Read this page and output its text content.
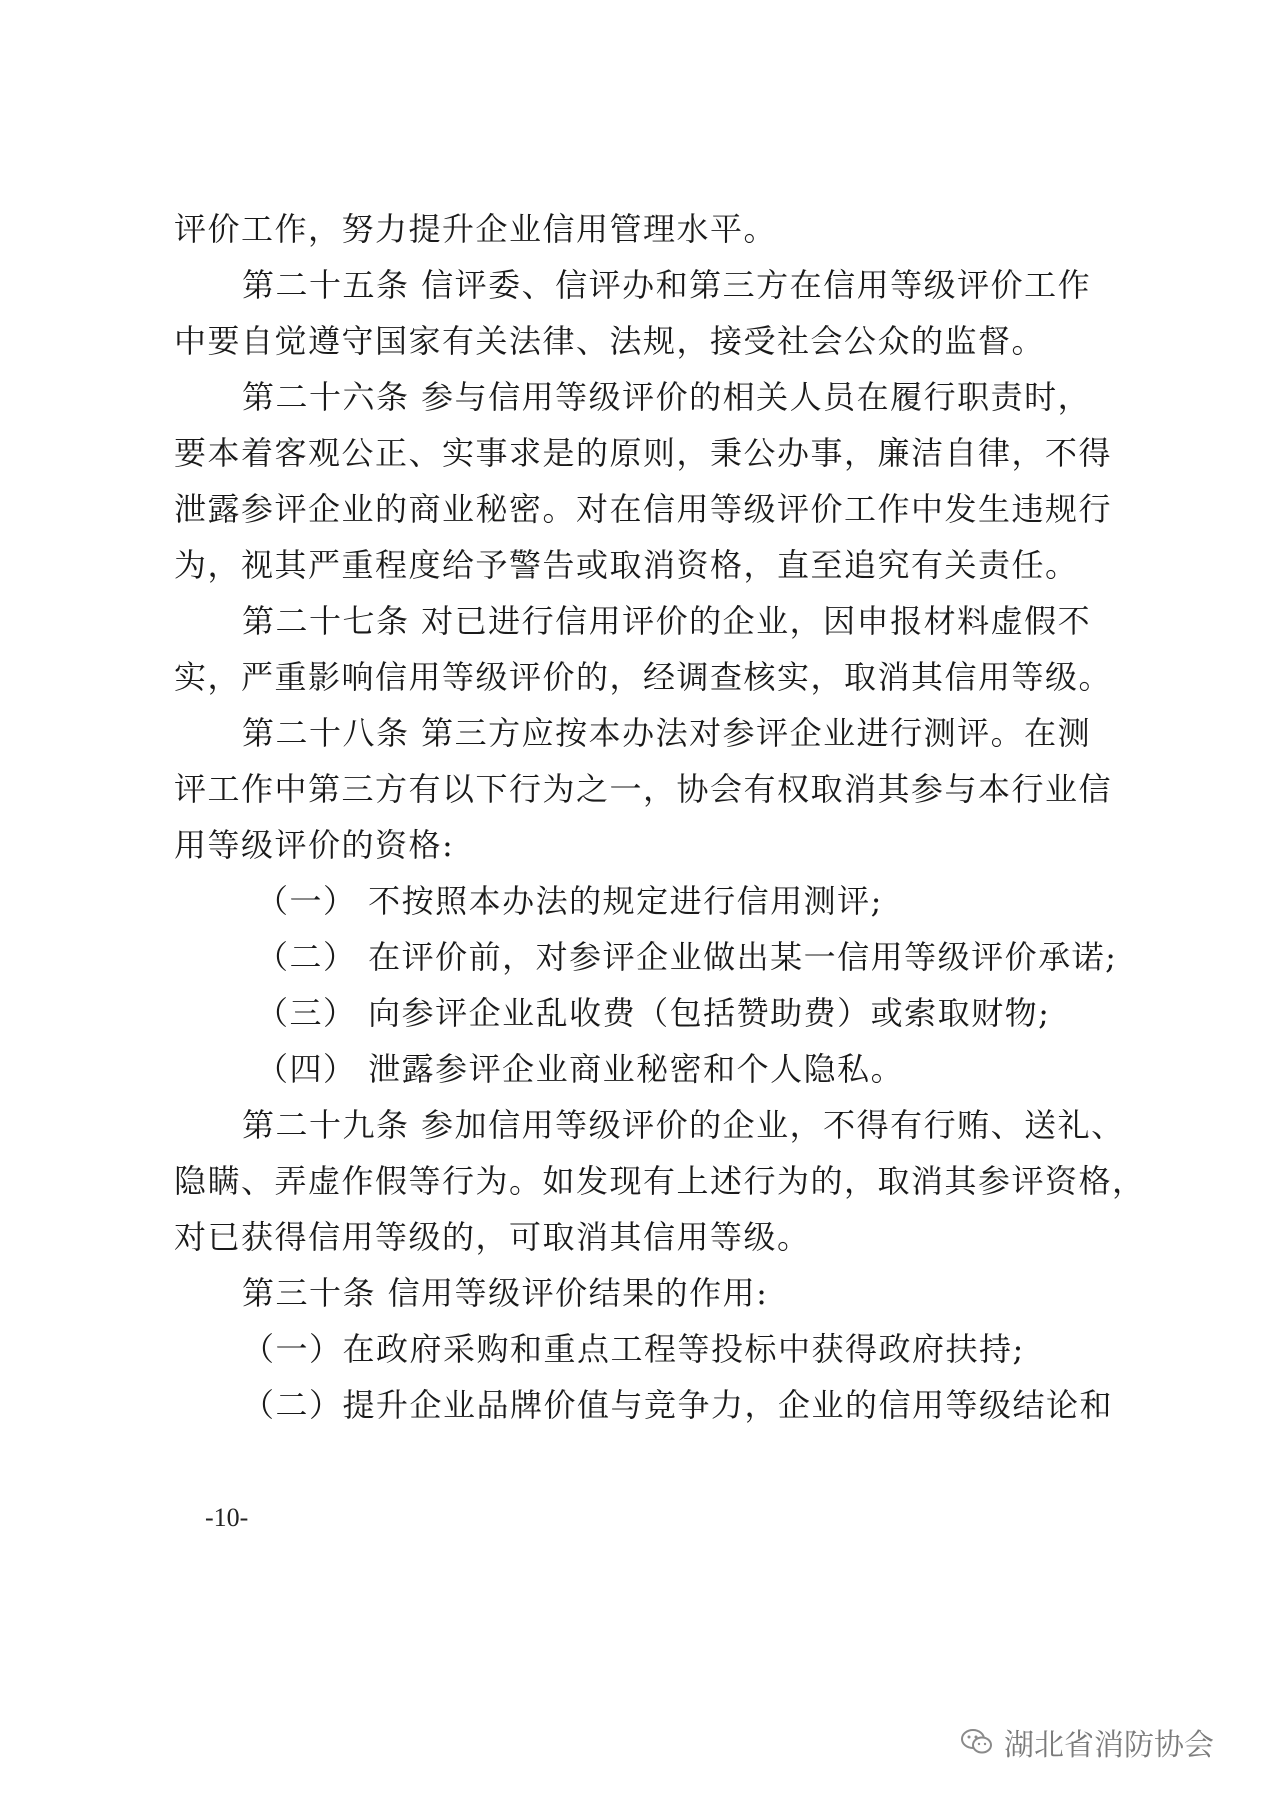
评价工作，努力提升企业信用管理水平。
第二十五条 信评委、信评办和第三方在信用等级评价工作
中要自觉遵守国家有关法律、法规，接受社会公众的监督。
第二十六条 参与信用等级评价的相关人员在履行职责时，
要本着客观公正、实事求是的原则，秉公办事，廉洁自律，不得
泄露参评企业的商业秘密。对在信用等级评价工作中发生违规行
为，视其严重程度给予警告或取消资格，直至追究有关责任。
第二十七条 对已进行信用评价的企业，因申报材料虚假不
实，严重影响信用等级评价的，经调查核实，取消其信用等级。
第二十八条 第三方应按本办法对参评企业进行测评。在测
评工作中第三方有以下行为之一，协会有权取消其参与本行业信
用等级评价的资格:
（一） 不按照本办法的规定进行信用测评;
（二） 在评价前，对参评企业做出某一信用等级评价承诺;
（三） 向参评企业乱收费（包括赞助费）或索取财物;
（四） 泄露参评企业商业秘密和个人隐私。
第二十九条 参加信用等级评价的企业，不得有行贿、送礼、
隐瞒、弄虚作假等行为。如发现有上述行为的，取消其参评资格，
对已获得信用等级的，可取消其信用等级。
第三十条 信用等级评价结果的作用:
（一）在政府采购和重点工程等投标中获得政府扶持;
（二）提升企业品牌价值与竞争力，企业的信用等级结论和
-10-
湖北省消防协会
